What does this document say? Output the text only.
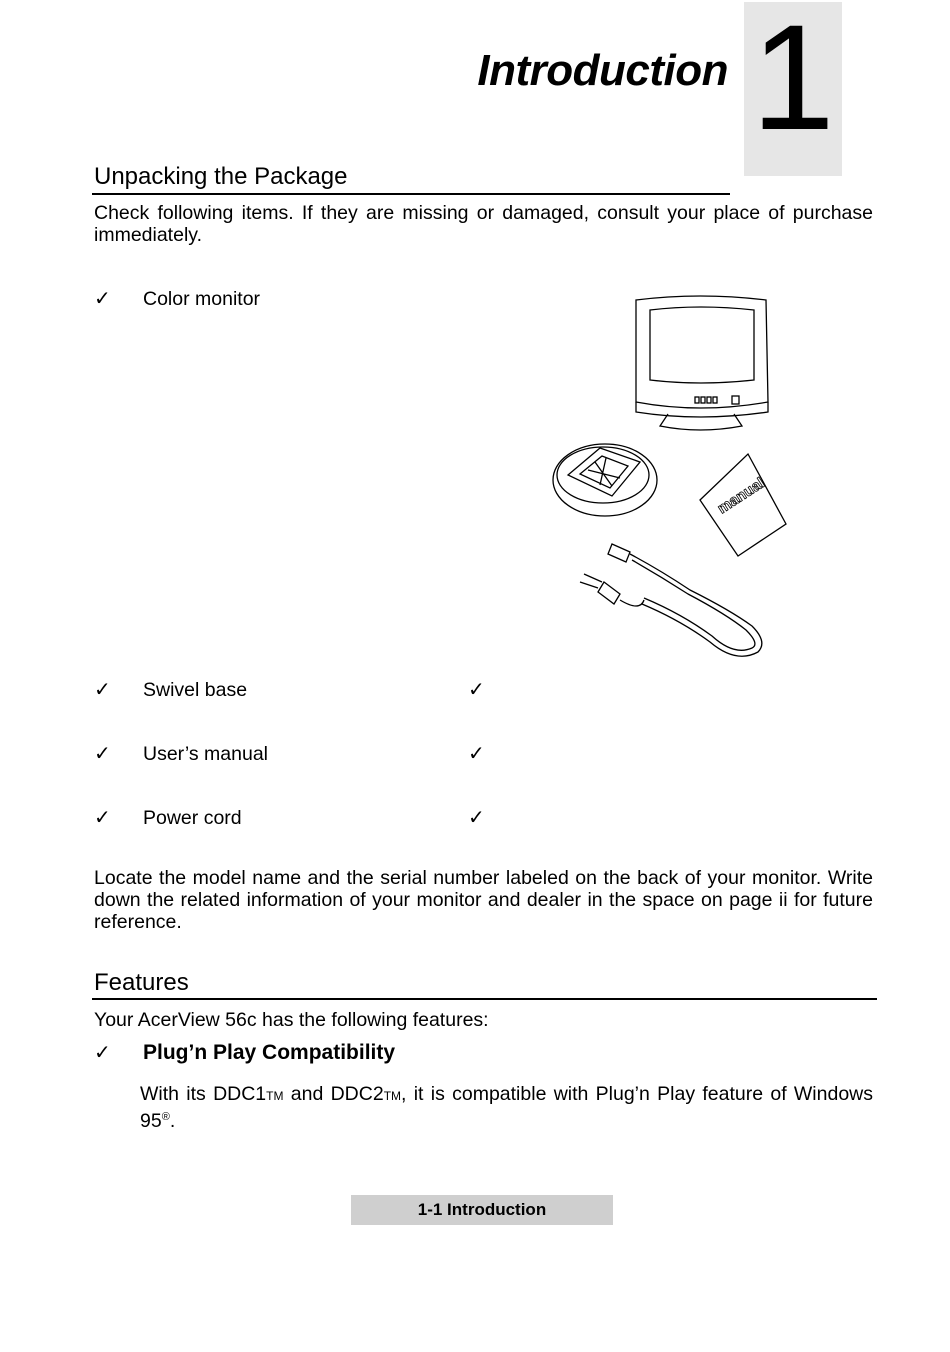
1
Introduction
Unpacking the Package
Check following items. If they are missing or damaged, consult your place of purchase immediately.
✓ Color monitor
✓ Swivel base
✓ User’s manual
✓ Power cord
✓
✓
✓
manual
Locate the model name and the serial number labeled on the back of your monitor. Write down the related information of your monitor and dealer in the space on page ii for future reference.
Features
Your AcerView 56c has the following features:
✓ Plug’n Play Compatibility
With its DDC1™ and DDC2™, it is compatible with Plug’n Play feature of Windows 95®.
1-1 Introduction
